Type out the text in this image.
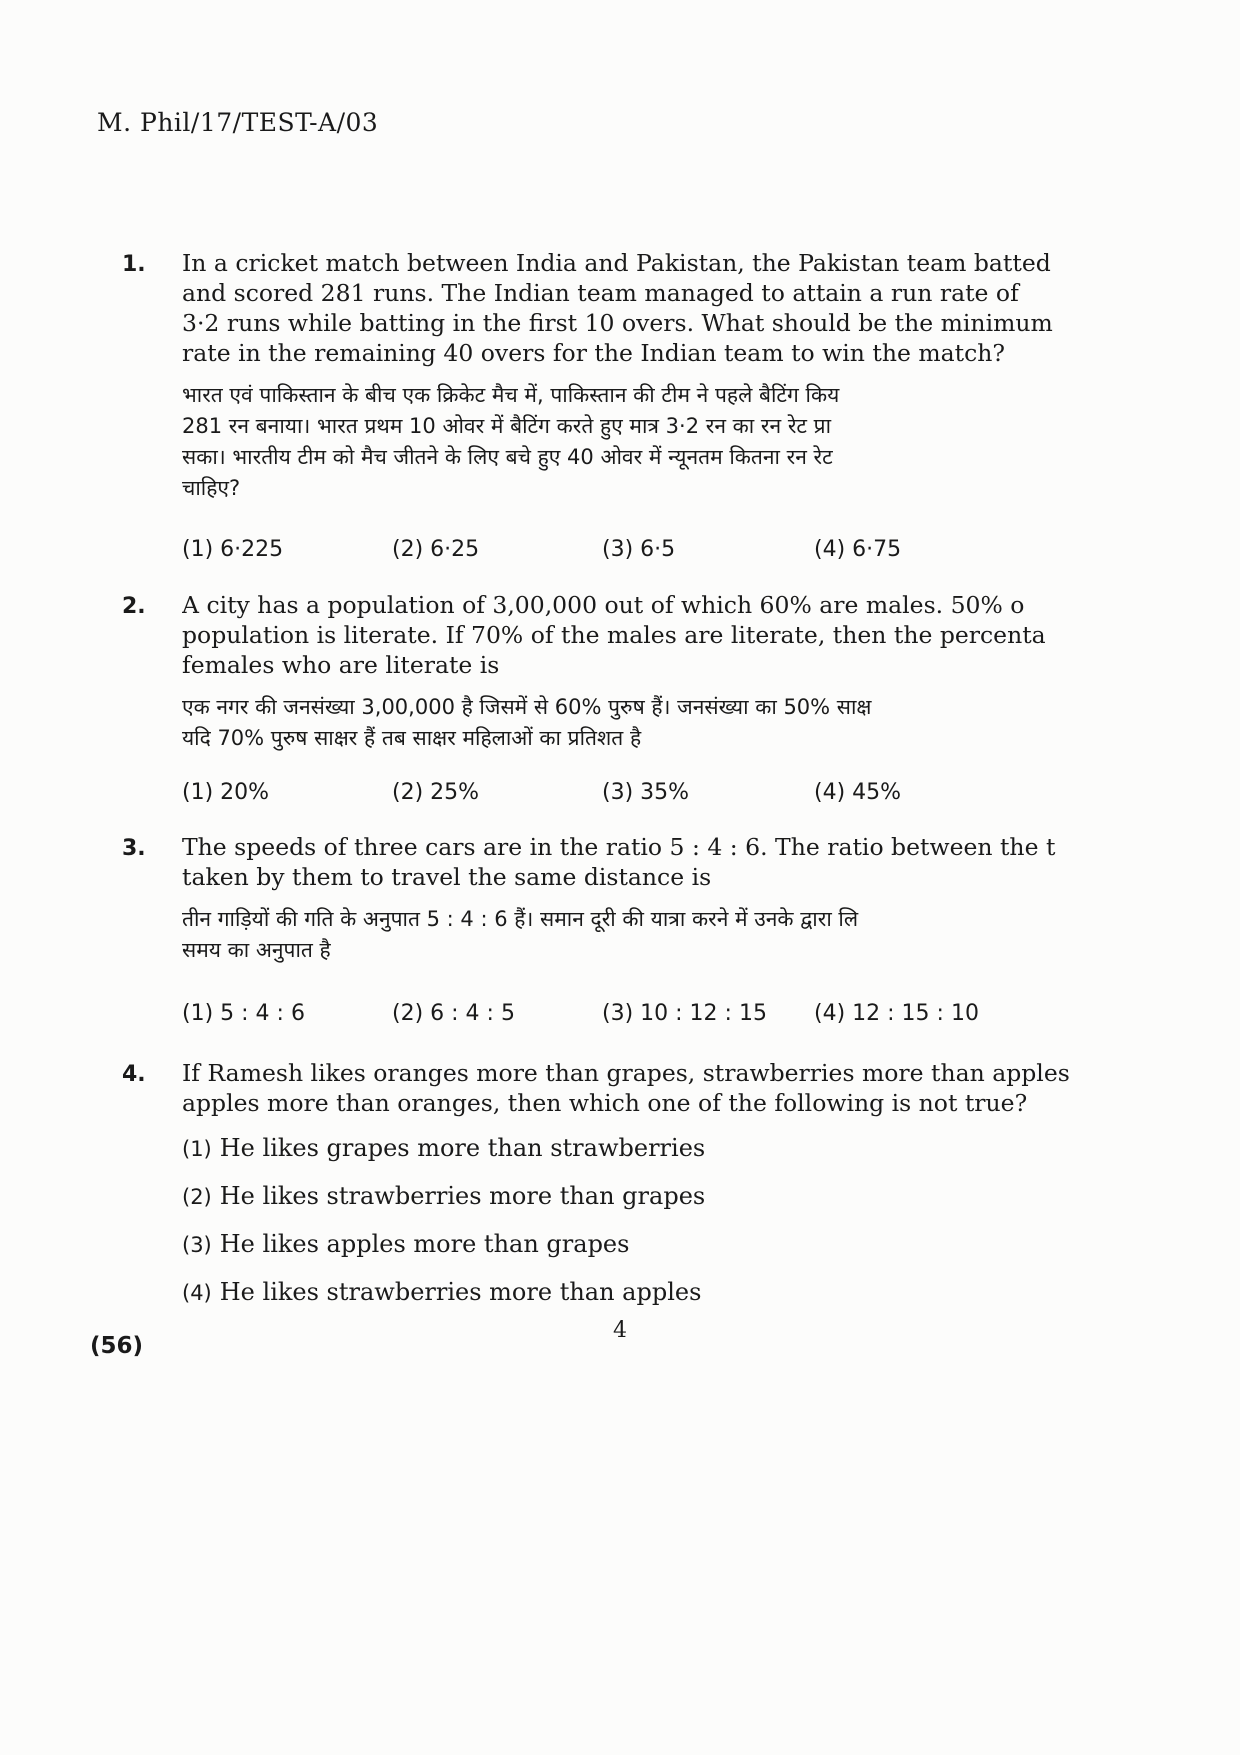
M. Phil/17/TEST-A/03
1. In a cricket match between India and Pakistan, the Pakistan team batted
and scored 281 runs. The Indian team managed to attain a run rate of
3·2 runs while batting in the first 10 overs. What should be the minimum
rate in the remaining 40 overs for the Indian team to win the match?

भारत एवं पाकिस्तान के बीच एक क्रिकेट मैच में, पाकिस्तान की टीम ने पहले बैटिंग किय
281 रन बनाया। भारत प्रथम 10 ओवर में बैटिंग करते हुए मात्र 3·2 रन का रन रेट प्रा
सका। भारतीय टीम को मैच जीतने के लिए बचे हुए 40 ओवर में न्यूनतम कितना रन रेट
चाहिए?

(1) 6·225	(2) 6·25	(3) 6·5	(4) 6·75
2. A city has a population of 3,00,000 out of which 60% are males. 50% o
population is literate. If 70% of the males are literate, then the percenta
females who are literate is

एक नगर की जनसंख्या 3,00,000 है जिसमें से 60% पुरुष हैं। जनसंख्या का 50% साक्ष
यदि 70% पुरुष साक्षर हैं तब साक्षर महिलाओं का प्रतिशत है

(1) 20%	(2) 25%	(3) 35%	(4) 45%
3. The speeds of three cars are in the ratio 5 : 4 : 6. The ratio between the t
taken by them to travel the same distance is

तीन गाड़ियों की गति के अनुपात 5 : 4 : 6 हैं। समान दूरी की यात्रा करने में उनके द्वारा लि
समय का अनुपात है

(1) 5 : 4 : 6	(2) 6 : 4 : 5	(3) 10 : 12 : 15 (4) 12 : 15 : 10
4. If Ramesh likes oranges more than grapes, strawberries more than apples
apples more than oranges, then which one of the following is not true?

(1) He likes grapes more than strawberries
(2) He likes strawberries more than grapes
(3) He likes apples more than grapes
(4) He likes strawberries more than apples
4
(56)
